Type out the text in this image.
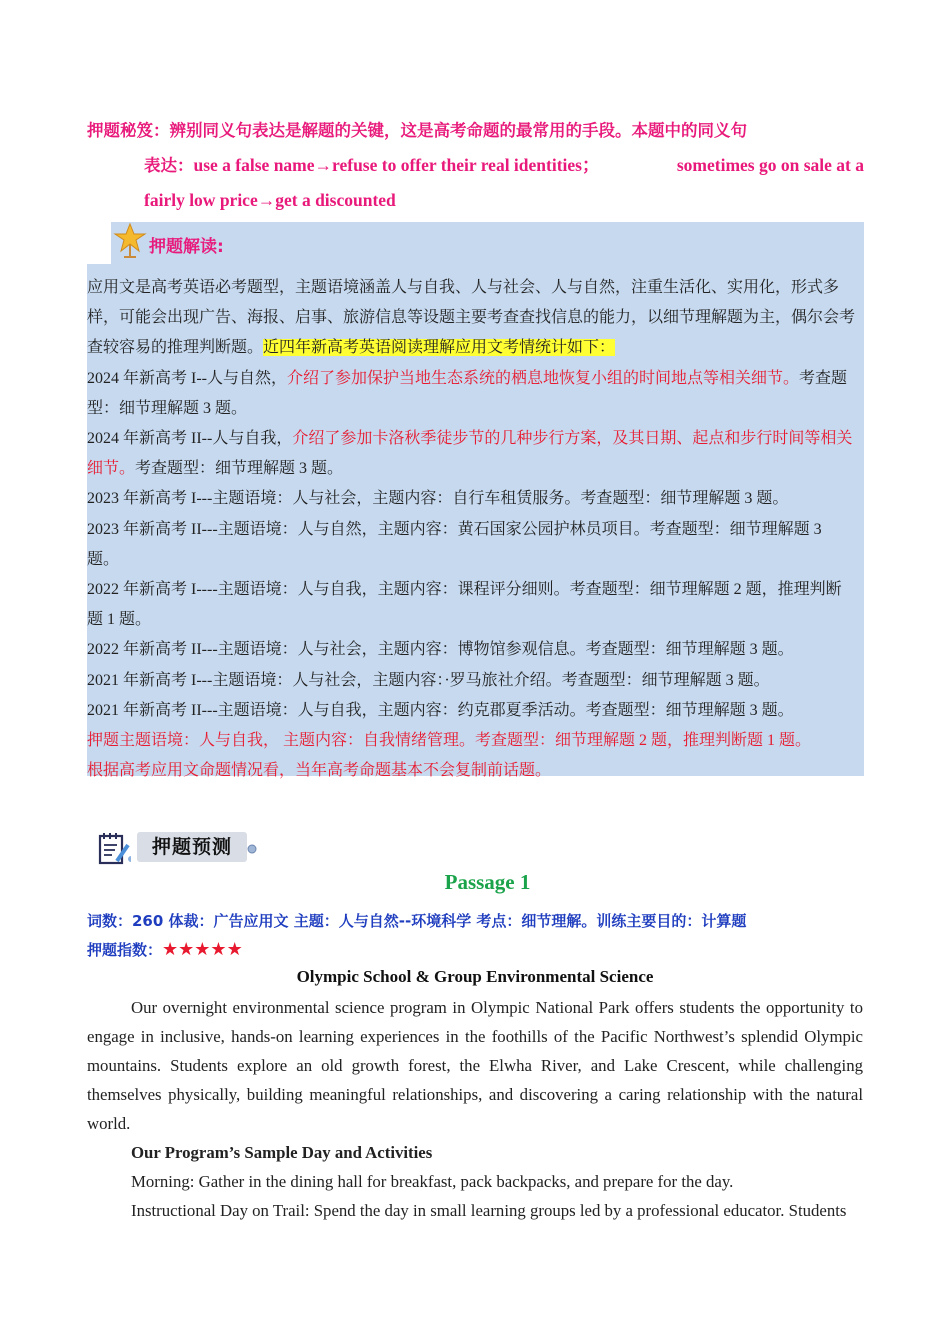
押题秘笈：辨别同义句表达是解题的关键，这是高考命题的最常用的手段。本题中的同义句
表达：use a false name→refuse to offer their real identities；	sometimes go on sale at a
fairly low price→get a discounted
押题解读:

应用文是高考英语必考题型，主题语境涵盖人与自我、人与社会、人与自然，注重生活化、实用化，形式多样，可能会出现广告、海报、启事、旅游信息等设题主要考查查找信息的能力，以细节理解题为主，偶尔会考查较容易的推理判断题。近四年新高考英语阅读理解应用文考情统计如下：

2024 年新高考 I--人与自然，介绍了参加保护当地生态系统的栖息地恢复小组的时间地点等相关细节。考查题型：细节理解题 3 题。

2024 年新高考 II--人与自我，介绍了参加卡洛秋季徒步节的几种步行方案，及其日期、起点和步行时间等相关细节。考查题型：细节理解题 3 题。

2023 年新高考 I---主题语境：人与社会，主题内容：自行车租赁服务。考查题型：细节理解题 3 题。

2023 年新高考 II---主题语境：人与自然，主题内容：黄石国家公园护林员项目。考查题型：细节理解题 3 题。

2022 年新高考 I----主题语境：人与自我，主题内容：课程评分细则。考查题型：细节理解题 2 题，推理判断题 1 题。

2022 年新高考 II---主题语境：人与社会，主题内容：博物馆参观信息。考查题型：细节理解题 3 题。

2021 年新高考 I---主题语境：人与社会，主题内容：·罗马旅社介绍。考查题型：细节理解题 3 题。

2021 年新高考 II---主题语境：人与自我，主题内容：约克郡夏季活动。考查题型：细节理解题 3 题。

押题主题语境：人与自我， 主题内容：自我情绪管理。考查题型：细节理解题 2 题，推理判断题 1 题。

根据高考应用文命题情况看，当年高考命题基本不会复制前话题。

押题预测
Passage 1
词数：260 体裁：广告应用文 主题：人与自然--环境科学 考点：细节理解。训练主要目的：计算题
押题指数：★★★★★
Olympic School & Group Environmental Science

Our overnight environmental science program in Olympic National Park offers students the opportunity to engage in inclusive, hands-on learning experiences in the foothills of the Pacific Northwest’s splendid Olympic mountains. Students explore an old growth forest, the Elwha River, and Lake Crescent, while challenging themselves physically, building meaningful relationships, and discovering a caring relationship with the natural world.

Our Program’s Sample Day and Activities

Morning: Gather in the dining hall for breakfast, pack backpacks, and prepare for the day.

Instructional Day on Trail: Spend the day in small learning groups led by a professional educator. Students
